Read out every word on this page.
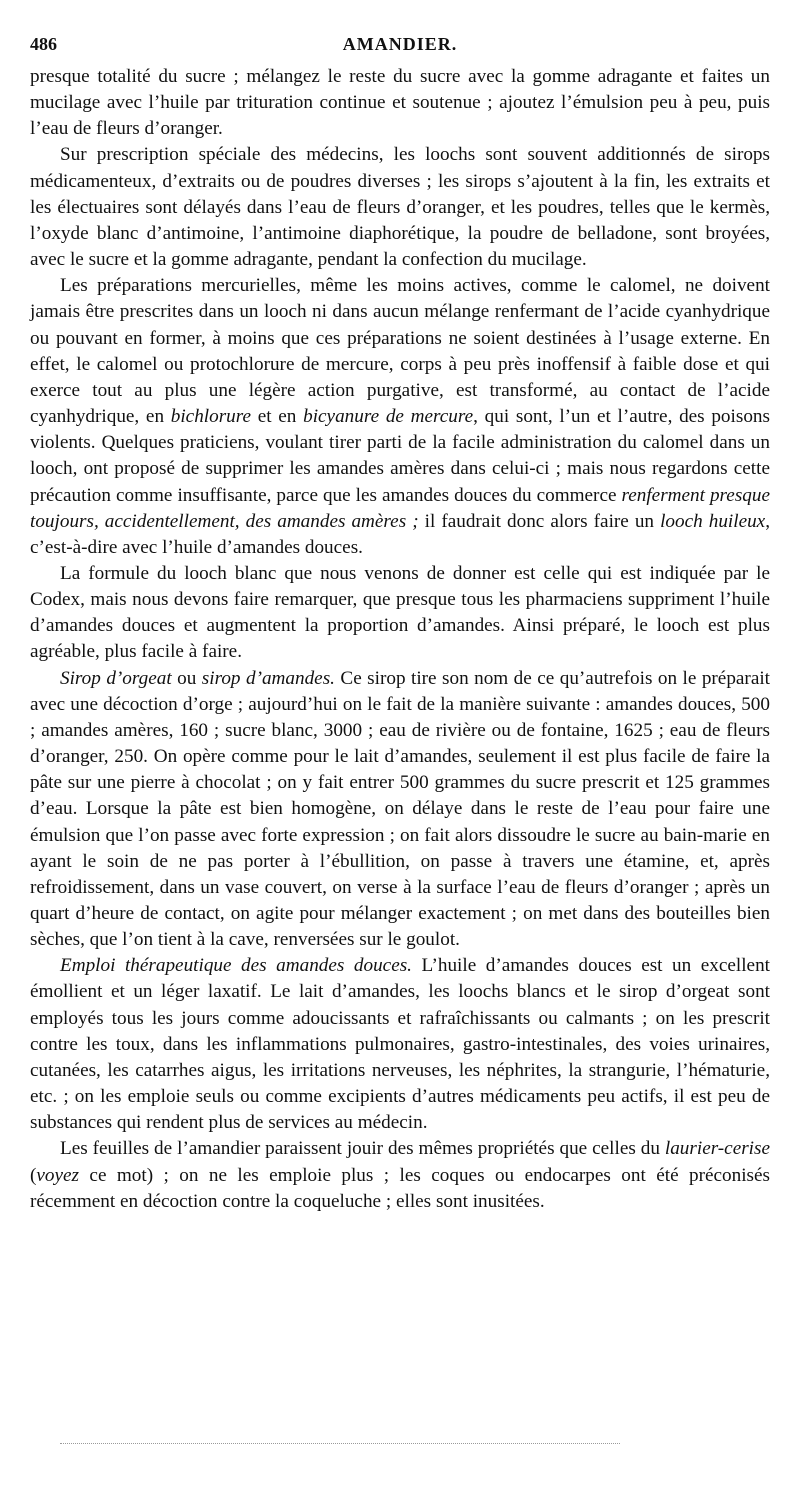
486	AMANDIER.

presque totalité du sucre ; mélangez le reste du sucre avec la gomme adragante et faites un mucilage avec l’huile par trituration continue et soutenue ; ajoutez l’émulsion peu à peu, puis l’eau de fleurs d’oranger.

Sur prescription spéciale des médecins, les loochs sont souvent additionnés de sirops médicamenteux, d’extraits ou de poudres diverses ; les sirops s’ajoutent à la fin, les extraits et les électuaires sont délayés dans l’eau de fleurs d’oranger, et les poudres, telles que le kermès, l’oxyde blanc d’antimoine, l’antimoine diaphorétique, la poudre de belladone, sont broyées, avec le sucre et la gomme adragante, pendant la confection du mucilage.

Les préparations mercurielles, même les moins actives, comme le calomel, ne doivent jamais être prescrites dans un looch ni dans aucun mélange renfermant de l’acide cyanhydrique ou pouvant en former, à moins que ces préparations ne soient destinées à l’usage externe. En effet, le calomel ou protochlorure de mercure, corps à peu près inoffensif à faible dose et qui exerce tout au plus une légère action purgative, est transformé, au contact de l’acide cyanhydrique, en bichlorure et en bicyanure de mercure, qui sont, l’un et l’autre, des poisons violents. Quelques praticiens, voulant tirer parti de la facile administration du calomel dans un looch, ont proposé de supprimer les amandes amères dans celui-ci ; mais nous regardons cette précaution comme insuffisante, parce que les amandes douces du commerce renferment presque toujours, accidentellement, des amandes amères ; il faudrait donc alors faire un looch huileux, c’est-à-dire avec l’huile d’amandes douces.

La formule du looch blanc que nous venons de donner est celle qui est indiquée par le Codex, mais nous devons faire remarquer, que presque tous les pharmaciens suppriment l’huile d’amandes douces et augmentent la proportion d’amandes. Ainsi préparé, le looch est plus agréable, plus facile à faire.

Sirop d’orgeat ou sirop d’amandes. Ce sirop tire son nom de ce qu’autrefois on le préparait avec une décoction d’orge ; aujourd’hui on le fait de la manière suivante : amandes douces, 500 ; amandes amères, 160 ; sucre blanc, 3000 ; eau de rivière ou de fontaine, 1625 ; eau de fleurs d’oranger, 250. On opère comme pour le lait d’amandes, seulement il est plus facile de faire la pâte sur une pierre à chocolat ; on y fait entrer 500 grammes du sucre prescrit et 125 grammes d’eau. Lorsque la pâte est bien homogène, on délaye dans le reste de l’eau pour faire une émulsion que l’on passe avec forte expression ; on fait alors dissoudre le sucre au bain-marie en ayant le soin de ne pas porter à l’ébullition, on passe à travers une étamine, et, après refroidissement, dans un vase couvert, on verse à la surface l’eau de fleurs d’oranger ; après un quart d’heure de contact, on agite pour mélanger exactement ; on met dans des bouteilles bien sèches, que l’on tient à la cave, renversées sur le goulot.

Emploi thérapeutique des amandes douces. L’huile d’amandes douces est un excellent émollient et un léger laxatif. Le lait d’amandes, les loochs blancs et le sirop d’orgeat sont employés tous les jours comme adoucissants et rafraîchissants ou calmants ; on les prescrit contre les toux, dans les inflammations pulmonaires, gastro-intestinales, des voies urinaires, cutanées, les catarrhes aigus, les irritations nerveuses, les néphrites, la strangurie, l’hématurie, etc. ; on les emploie seuls ou comme excipients d’autres médicaments peu actifs, il est peu de substances qui rendent plus de services au médecin.

Les feuilles de l’amandier paraissent jouir des mêmes propriétés que celles du laurier-cerise (voyez ce mot) ; on ne les emploie plus ; les coques ou endocarpes ont été préconisés récemment en décoction contre la coqueluche ; elles sont inusitées.
